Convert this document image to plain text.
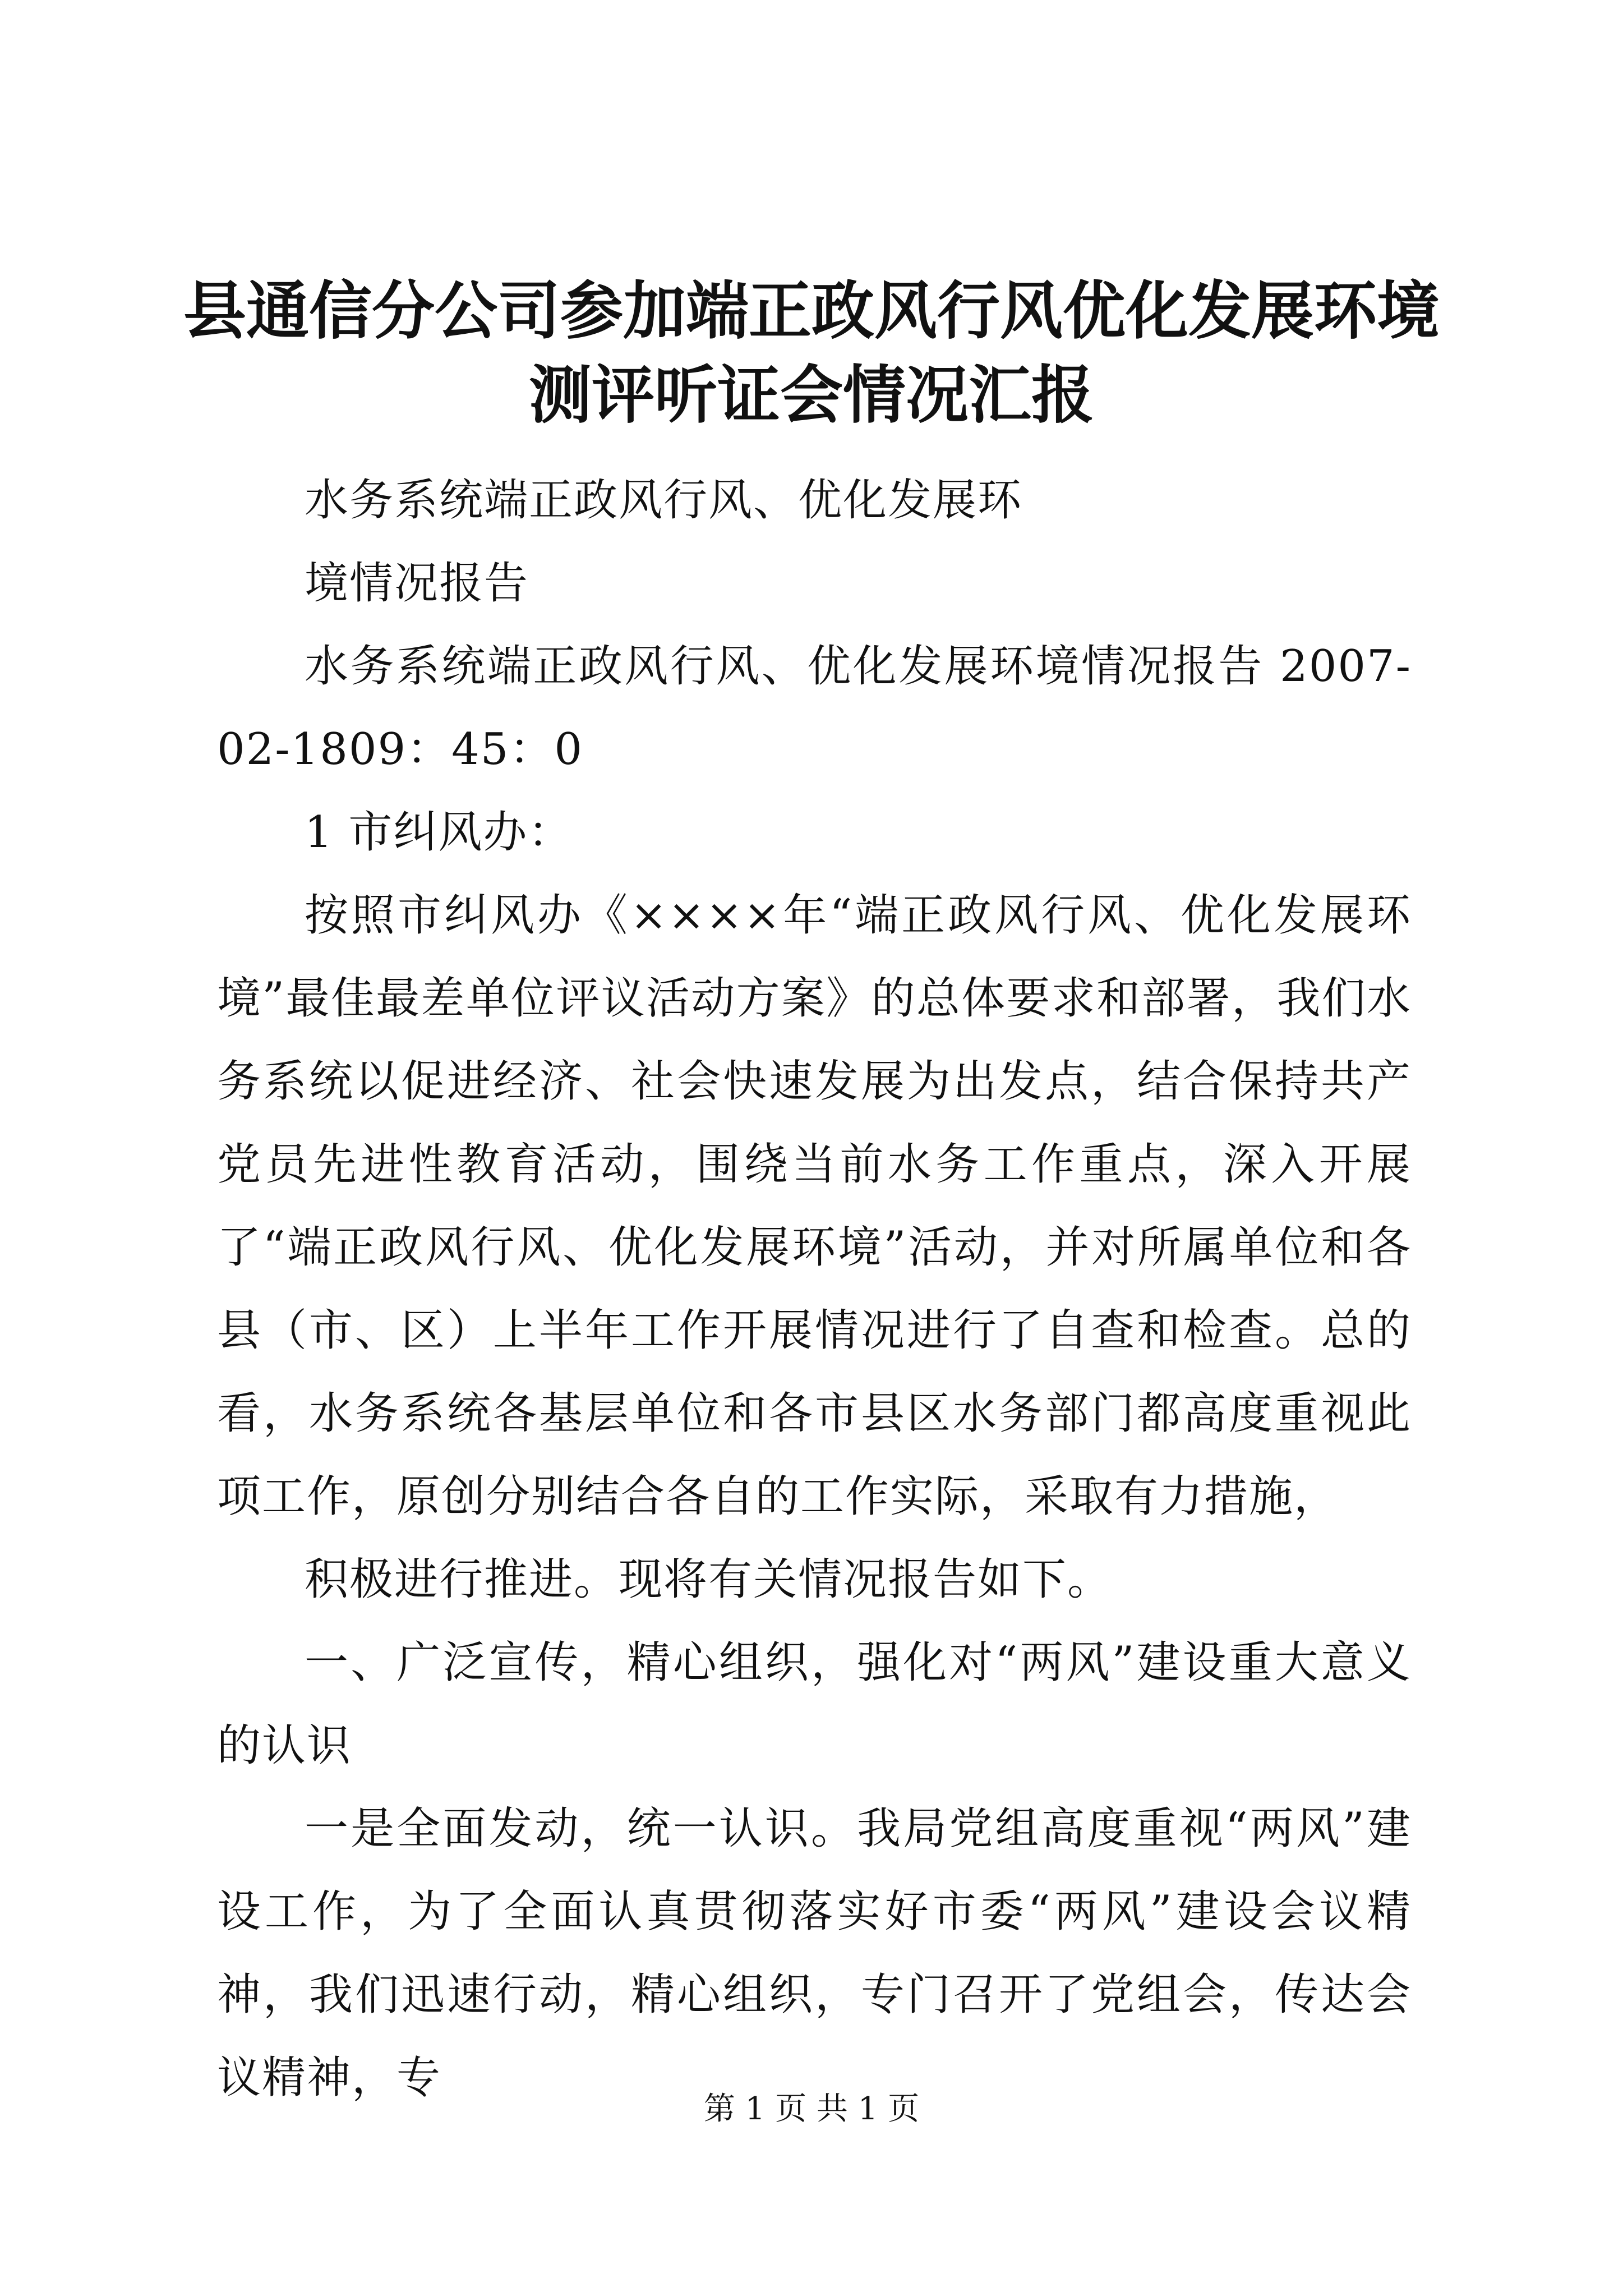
县通信分公司参加端正政风行风优化发展环境
测评听证会情况汇报

水务系统端正政风行风、优化发展环

境情况报告

水务系统端正政风行风、优化发展环境情况报告 2007-02-1809：45：0

1 市纠风办：

按照市纠风办《××××年“端正政风行风、优化发展环境”最佳最差单位评议活动方案》的总体要求和部署，我们水务系统以促进经济、社会快速发展为出发点，结合保持共产党员先进性教育活动，围绕当前水务工作重点，深入开展了“端正政风行风、优化发展环境”活动，并对所属单位和各县（市、区）上半年工作开展情况进行了自查和检查。总的看，水务系统各基层单位和各市县区水务部门都高度重视此项工作，原创分别结合各自的工作实际，采取有力措施，

积极进行推进。现将有关情况报告如下。

一、广泛宣传，精心组织，强化对“两风”建设重大意义的认识

一是全面发动，统一认识。我局党组高度重视“两风”建设工作，为了全面认真贯彻落实好市委“两风”建设会议精神，我们迅速行动，精心组织，专门召开了党组会，传达会议精神，专

第 1 页 共 1 页
